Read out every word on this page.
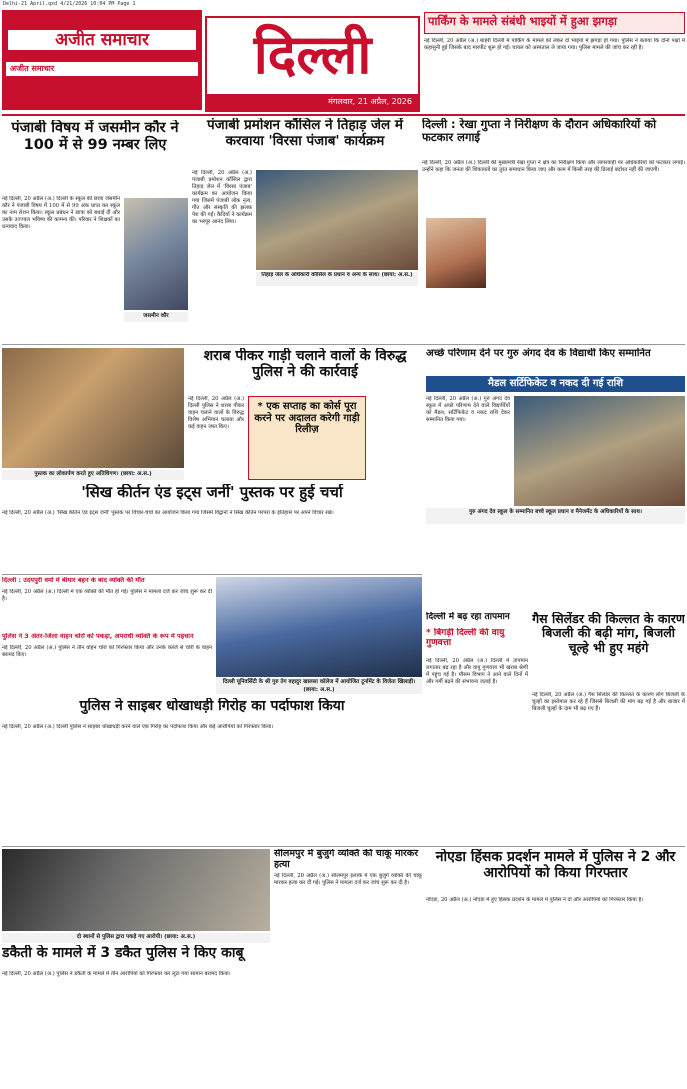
Delhi-21 April.qxd 4/21/2026 10:04 PM Page 1
अजीत समाचार
अजीत समाचार	दिल्ली
मंगलवार, 21 अप्रैल, 2026
पार्किंग के मामले संबंधी भाइयों में हुआ झगड़ा
नई दिल्ली, 20 अप्रैल (अ.) बाहरी दिल्ली में पार्किंग के मामले को लेकर दो भाइयों में झगड़ा हो गया। पुलिस ने बताया कि दोनों पक्षों में कहासुनी हुई जिसके बाद मारपीट शुरू हो गई। घायल को अस्पताल ले जाया गया। पुलिस मामले की जांच कर रही है।
पंजाबी विषय में जसमीन कौर ने 100 में से 99 नम्बर लिए
नई दिल्ली, 20 अप्रैल (अ.) दिल्ली के स्कूल की छात्रा जसमीन कौर ने पंजाबी विषय में 100 में से 99 अंक प्राप्त कर स्कूल का नाम रोशन किया। स्कूल प्रबंधन ने छात्रा को बधाई दी और उसके उज्ज्वल भविष्य की कामना की। परिवार ने शिक्षकों का धन्यवाद किया।
जसमीन कौर
पंजाबी प्रमोशन कौंसिल ने तिहाड़ जेल में करवाया 'विरसा पंजाब' कार्यक्रम
नई दिल्ली, 20 अप्रैल (अ.) पंजाबी प्रमोशन कौंसिल द्वारा तिहाड़ जेल में 'विरसा पंजाब' कार्यक्रम का आयोजन किया गया जिसमें पंजाबी लोक नृत्य, गीत और संस्कृति की झलक पेश की गई। कैदियों ने कार्यक्रम का भरपूर आनंद लिया।
तिहाड़ जेल के अधिकारी कौंसिल के प्रधान व अन्य के साथ। (छाया: अ.स.)
दिल्ली : रेखा गुप्ता ने निरीक्षण के दौरान अधिकारियों को फटकार लगाई
नई दिल्ली, 20 अप्रैल (अ.) दिल्ली की मुख्यमंत्री रेखा गुप्ता ने क्षेत्र का निरीक्षण किया और लापरवाही पर अधिकारियों को फटकार लगाई। उन्होंने कहा कि जनता की शिकायतों का तुरंत समाधान किया जाए और काम में किसी तरह की ढिलाई बर्दाश्त नहीं की जाएगी।
पुस्तक का लोकार्पण करते हुए अतिथिगण। (छाया: अ.स.)
शराब पीकर गाड़ी चलाने वालों के विरुद्ध पुलिस ने की कार्रवाई
नई दिल्ली, 20 अप्रैल (अ.) दिल्ली पुलिस ने शराब पीकर वाहन चलाने वालों के विरुद्ध विशेष अभियान चलाया और कई वाहन जब्त किए।
* एक सप्ताह का कोर्स पूरा करने पर अदालत करेगी गाड़ी रिलीज़
अच्छे परिणाम देने पर गुरु अंगद देव के विद्यार्थी किए सम्मानित
मैडल सर्टिफिकेट व नकद दी गई राशि
नई दिल्ली, 20 अप्रैल (अ.) गुरु अंगद देव स्कूल में अच्छे परिणाम देने वाले विद्यार्थियों को मैडल, सर्टिफिकेट व नकद राशि देकर सम्मानित किया गया।
गुरु अंगद देव स्कूल के सम्मानित बच्चे स्कूल प्रधान व मैनेजमेंट के अधिकारियों के साथ।
'सिख कीर्तन एंड इट्स जर्नी' पुस्तक पर हुई चर्चा
नई दिल्ली, 20 अप्रैल (अ.) 'सिख कीर्तन एंड इट्स जर्नी' पुस्तक पर विचार-चर्चा का आयोजन किया गया जिसमें विद्वानों ने सिख कीर्तन परंपरा के इतिहास पर अपने विचार रखे।
दिल्ली : उदयपुरी वर्मा में बीमार बहन के बाद व्यक्ति की मौत
नई दिल्ली, 20 अप्रैल (अ.) दिल्ली में एक व्यक्ति की मौत हो गई। पुलिस ने मामला दर्ज कर जांच शुरू कर दी है।
पुलिस ने 3 अंतर-जिला वाहन चोरों को पकड़ा, अपराधी व्यक्ति के रूप में पहचान
नई दिल्ली, 20 अप्रैल (अ.) पुलिस ने तीन वाहन चोरों को गिरफ्तार किया और उनके कब्जे से चोरी के वाहन बरामद किए।
दिल्ली यूनिवर्सिटी के श्री गुरु तेग बहादुर खालसा कॉलेज में आयोजित टूर्नामेंट के विजेता खिलाड़ी। (छाया: अ.स.)
दिल्ली में बढ़ रहा तापमान
* बिगड़ी दिल्ली की वायु गुणवत्ता
नई दिल्ली, 20 अप्रैल (अ.) दिल्ली में तापमान लगातार बढ़ रहा है और वायु गुणवत्ता भी खराब श्रेणी में पहुंच गई है। मौसम विभाग ने आने वाले दिनों में और गर्मी बढ़ने की संभावना जताई है।
गैस सिलेंडर की किल्लत के कारण बिजली की बढ़ी मांग, बिजली चूल्हे भी हुए महंगे
नई दिल्ली, 20 अप्रैल (अ.) गैस सिलेंडर की किल्लत के कारण लोग बिजली के चूल्हों का इस्तेमाल कर रहे हैं जिससे बिजली की मांग बढ़ गई है और बाजार में बिजली चूल्हों के दाम भी बढ़ गए हैं।
पुलिस ने साइबर धोखाधड़ी गिरोह का पर्दाफाश किया
नई दिल्ली, 20 अप्रैल (अ.) दिल्ली पुलिस ने साइबर धोखाधड़ी करने वाले एक गिरोह का पर्दाफाश किया और कई आरोपियों को गिरफ्तार किया।
दो स्थानों से पुलिस द्वारा पकड़े गए आरोपी। (छाया: अ.स.)
डकैती के मामले में 3 डकैत पुलिस ने किए काबू
नई दिल्ली, 20 अप्रैल (अ.) पुलिस ने डकैती के मामले में तीन आरोपियों को गिरफ्तार कर लूटा गया सामान बरामद किया।
सीलमपुर में बुजुर्ग व्यक्ति की चाकू मारकर हत्या
नई दिल्ली, 20 अप्रैल (अ.) सीलमपुर इलाके में एक बुजुर्ग व्यक्ति की चाकू मारकर हत्या कर दी गई। पुलिस ने मामला दर्ज कर जांच शुरू कर दी है।
नोएडा हिंसक प्रदर्शन मामले में पुलिस ने 2 और आरोपियों को किया गिरफ्तार
नोएडा, 20 अप्रैल (अ.) नोएडा में हुए हिंसक प्रदर्शन के मामले में पुलिस ने दो और आरोपियों को गिरफ्तार किया है।
